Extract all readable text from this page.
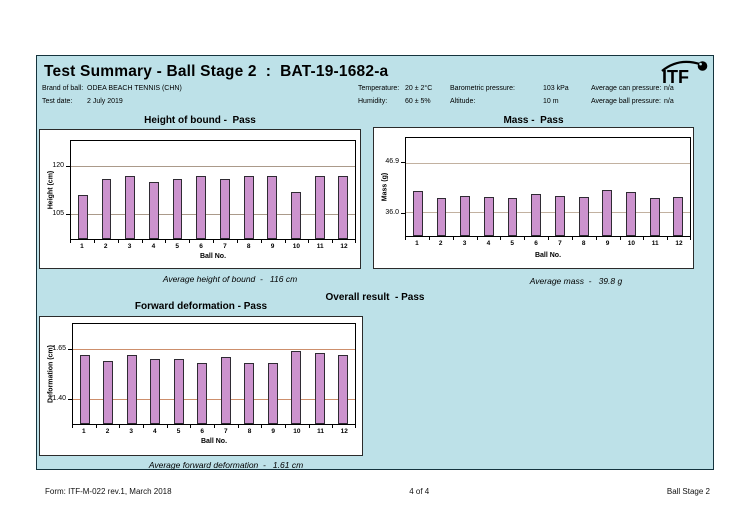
Test Summary - Ball Stage 2  :  BAT-19-1682-a	ITF
Brand of ball: ODEA BEACH TENNIS (CHN)
Test date:	2 July 2019
Temperature: 20 ± 2°C
Humidity:	60 ± 5%
Barometric pressure:	103 kPa
Altitude:	10 m
Average can pressure: n/a
Average ball pressure: n/a
Height of bound -  Pass
Height (cm)
1	2	3	4	5	6	7	8	9	10	11	12
Ball No.
105
120
Average height of bound  -   116 cm
Mass -  Pass
Mass (g)
1	2	3	4	5	6	7	8	9	10	11	12
Ball No.
36.0
46.9
Average mass  -   39.8 g
Overall result  - Pass
Forward deformation - Pass
Deformation (cm)
1	2	3	4	5	6	7	8	9	10	11	12
Ball No.
1.40
1.65
Average forward deformation  -   1.61 cm
Form: ITF-M-022 rev.1, March 2018	4 of 4	Ball Stage 2
